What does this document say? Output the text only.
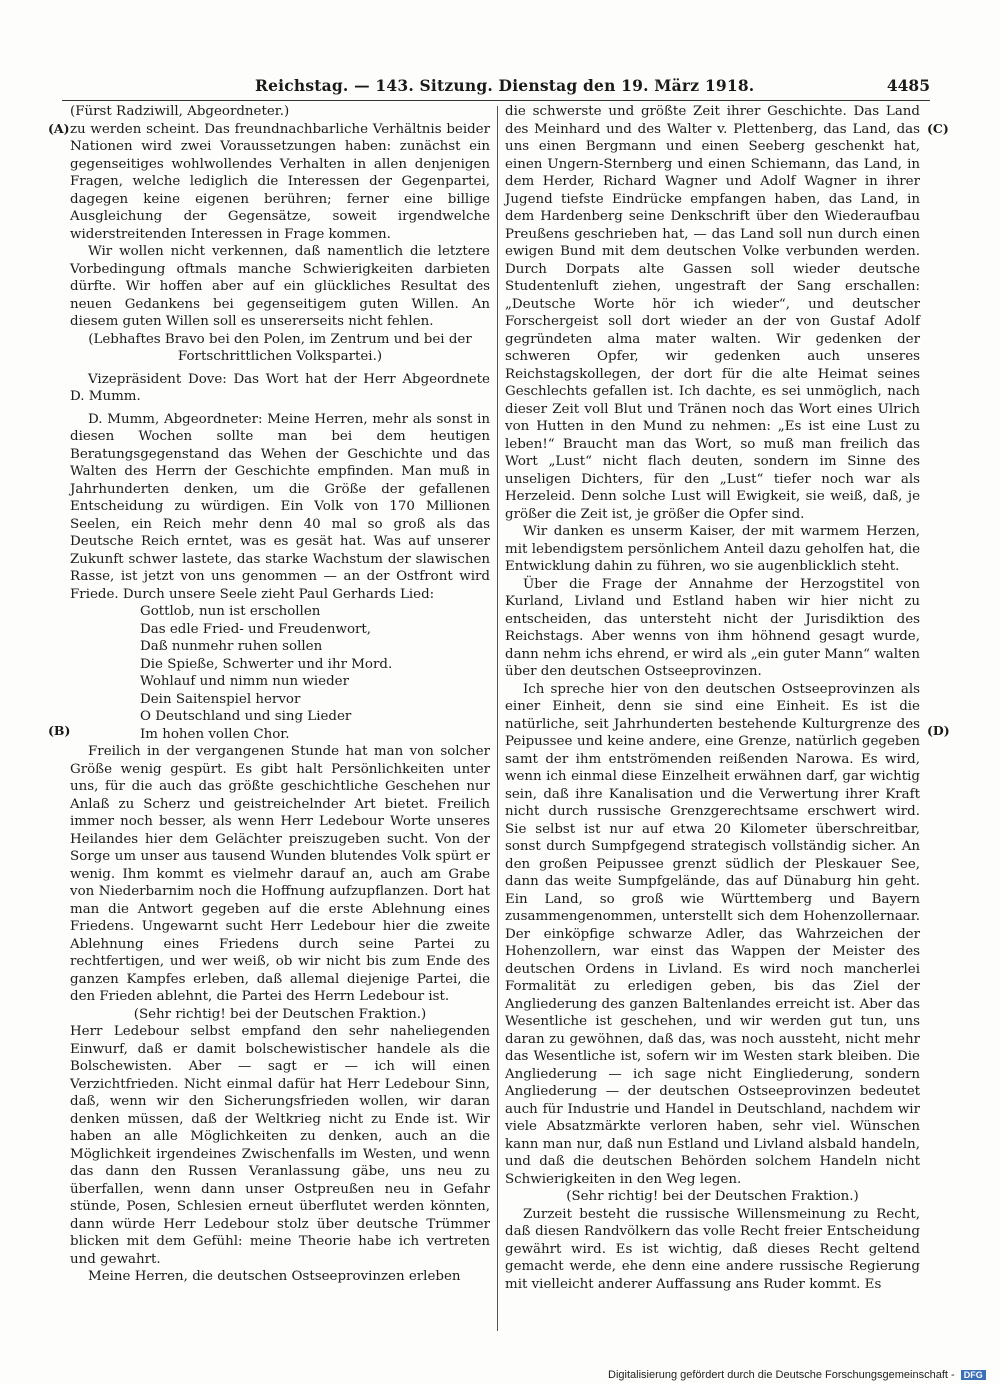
Reichstag. — 143. Sitzung. Dienstag den 19. März 1918.	4485
(A)
(B)
(C)
(D)

(Fürst Radziwill, Abgeordneter.)

zu werden scheint. Das freundnachbarliche Verhältnis beider Nationen wird zwei Voraussetzungen haben: zunächst ein gegenseitiges wohlwollendes Verhalten in allen denjenigen Fragen, welche lediglich die Interessen der Gegenpartei, dagegen keine eigenen berühren; ferner eine billige Ausgleichung der Gegensätze, soweit irgendwelche widerstreitenden Interessen in Frage kommen.

Wir wollen nicht verkennen, daß namentlich die letztere Vorbedingung oftmals manche Schwierigkeiten darbieten dürfte. Wir hoffen aber auf ein glückliches Resultat des neuen Gedankens bei gegenseitigem guten Willen. An diesem guten Willen soll es unsererseits nicht fehlen.

(Lebhaftes Bravo bei den Polen, im Zentrum und bei der Fortschrittlichen Volkspartei.)

Vizepräsident Dove: Das Wort hat der Herr Abgeordnete D. Mumm.

D. Mumm, Abgeordneter: Meine Herren, mehr als sonst in diesen Wochen sollte man bei dem heutigen Beratungsgegenstand das Wehen der Geschichte und das Walten des Herrn der Geschichte empfinden. Man muß in Jahrhunderten denken, um die Größe der gefallenen Entscheidung zu würdigen. Ein Volk von 170 Millionen Seelen, ein Reich mehr denn 40 mal so groß als das Deutsche Reich erntet, was es gesät hat. Was auf unserer Zukunft schwer lastete, das starke Wachstum der slawischen Rasse, ist jetzt von uns genommen — an der Ostfront wird Friede. Durch unsere Seele zieht Paul Gerhards Lied:

Gottlob, nun ist erschollen

Das edle Fried- und Freudenwort,

Daß nunmehr ruhen sollen

Die Spieße, Schwerter und ihr Mord.

Wohlauf und nimm nun wieder

Dein Saitenspiel hervor

O Deutschland und sing Lieder

Im hohen vollen Chor.

Freilich in der vergangenen Stunde hat man von solcher Größe wenig gespürt. Es gibt halt Persönlichkeiten unter uns, für die auch das größte geschichtliche Geschehen nur Anlaß zu Scherz und geistreichelnder Art bietet. Freilich immer noch besser, als wenn Herr Ledebour Worte unseres Heilandes hier dem Gelächter preiszugeben sucht. Von der Sorge um unser aus tausend Wunden blutendes Volk spürt er wenig. Ihm kommt es vielmehr darauf an, auch am Grabe von Niederbarnim noch die Hoffnung aufzupflanzen. Dort hat man die Antwort gegeben auf die erste Ablehnung eines Friedens. Ungewarnt sucht Herr Ledebour hier die zweite Ablehnung eines Friedens durch seine Partei zu rechtfertigen, und wer weiß, ob wir nicht bis zum Ende des ganzen Kampfes erleben, daß allemal diejenige Partei, die den Frieden ablehnt, die Partei des Herrn Ledebour ist.

(Sehr richtig! bei der Deutschen Fraktion.)

Herr Ledebour selbst empfand den sehr naheliegenden Einwurf, daß er damit bolschewistischer handele als die Bolschewisten. Aber — sagt er — ich will einen Verzichtfrieden. Nicht einmal dafür hat Herr Ledebour Sinn, daß, wenn wir den Sicherungsfrieden wollen, wir daran denken müssen, daß der Weltkrieg nicht zu Ende ist. Wir haben an alle Möglichkeiten zu denken, auch an die Möglichkeit irgendeines Zwischenfalls im Westen, und wenn das dann den Russen Veranlassung gäbe, uns neu zu überfallen, wenn dann unser Ostpreußen neu in Gefahr stünde, Posen, Schlesien erneut überflutet werden könnten, dann würde Herr Ledebour stolz über deutsche Trümmer blicken mit dem Gefühl: meine Theorie habe ich vertreten und gewahrt.

Meine Herren, die deutschen Ostseeprovinzen erleben

die schwerste und größte Zeit ihrer Geschichte. Das Land des Meinhard und des Walter v. Plettenberg, das Land, das uns einen Bergmann und einen Seeberg geschenkt hat, einen Ungern-Sternberg und einen Schiemann, das Land, in dem Herder, Richard Wagner und Adolf Wagner in ihrer Jugend tiefste Eindrücke empfangen haben, das Land, in dem Hardenberg seine Denkschrift über den Wiederaufbau Preußens geschrieben hat, — das Land soll nun durch einen ewigen Bund mit dem deutschen Volke verbunden werden. Durch Dorpats alte Gassen soll wieder deutsche Studentenluft ziehen, ungestraft der Sang erschallen: „Deutsche Worte hör ich wieder“, und deutscher Forschergeist soll dort wieder an der von Gustaf Adolf gegründeten alma mater walten. Wir gedenken der schweren Opfer, wir gedenken auch unseres Reichstagskollegen, der dort für die alte Heimat seines Geschlechts gefallen ist. Ich dachte, es sei unmöglich, nach dieser Zeit voll Blut und Tränen noch das Wort eines Ulrich von Hutten in den Mund zu nehmen: „Es ist eine Lust zu leben!“ Braucht man das Wort, so muß man freilich das Wort „Lust“ nicht flach deuten, sondern im Sinne des unseligen Dichters, für den „Lust“ tiefer noch war als Herzeleid. Denn solche Lust will Ewigkeit, sie weiß, daß, je größer die Zeit ist, je größer die Opfer sind.

Wir danken es unserm Kaiser, der mit warmem Herzen, mit lebendigstem persönlichem Anteil dazu geholfen hat, die Entwicklung dahin zu führen, wo sie augenblicklich steht.

Über die Frage der Annahme der Herzogstitel von Kurland, Livland und Estland haben wir hier nicht zu entscheiden, das untersteht nicht der Jurisdiktion des Reichstags. Aber wenns von ihm höhnend gesagt wurde, dann nehm ichs ehrend, er wird als „ein guter Mann“ walten über den deutschen Ostseeprovinzen.

Ich spreche hier von den deutschen Ostseeprovinzen als einer Einheit, denn sie sind eine Einheit. Es ist die natürliche, seit Jahrhunderten bestehende Kulturgrenze des Peipussee und keine andere, eine Grenze, natürlich gegeben samt der ihm entströmenden reißenden Narowa. Es wird, wenn ich einmal diese Einzelheit erwähnen darf, gar wichtig sein, daß ihre Kanalisation und die Verwertung ihrer Kraft nicht durch russische Grenzgerechtsame erschwert wird. Sie selbst ist nur auf etwa 20 Kilometer überschreitbar, sonst durch Sumpfgegend strategisch vollständig sicher. An den großen Peipussee grenzt südlich der Pleskauer See, dann das weite Sumpfgelände, das auf Dünaburg hin geht. Ein Land, so groß wie Württemberg und Bayern zusammengenommen, unterstellt sich dem Hohenzollernaar. Der einköpfige schwarze Adler, das Wahrzeichen der Hohenzollern, war einst das Wappen der Meister des deutschen Ordens in Livland. Es wird noch mancherlei Formalität zu erledigen geben, bis das Ziel der Angliederung des ganzen Baltenlandes erreicht ist. Aber das Wesentliche ist geschehen, und wir werden gut tun, uns daran zu gewöhnen, daß das, was noch aussteht, nicht mehr das Wesentliche ist, sofern wir im Westen stark bleiben. Die Angliederung — ich sage nicht Eingliederung, sondern Angliederung — der deutschen Ostseeprovinzen bedeutet auch für Industrie und Handel in Deutschland, nachdem wir viele Absatzmärkte verloren haben, sehr viel. Wünschen kann man nur, daß nun Estland und Livland alsbald handeln, und daß die deutschen Behörden solchem Handeln nicht Schwierigkeiten in den Weg legen.

(Sehr richtig! bei der Deutschen Fraktion.)

Zurzeit besteht die russische Willensmeinung zu Recht, daß diesen Randvölkern das volle Recht freier Entscheidung gewährt wird. Es ist wichtig, daß dieses Recht geltend gemacht werde, ehe denn eine andere russische Regierung mit vielleicht anderer Auffassung ans Ruder kommt. Es

Digitalisierung gefördert durch die Deutsche Forschungsgemeinschaft - DFG
